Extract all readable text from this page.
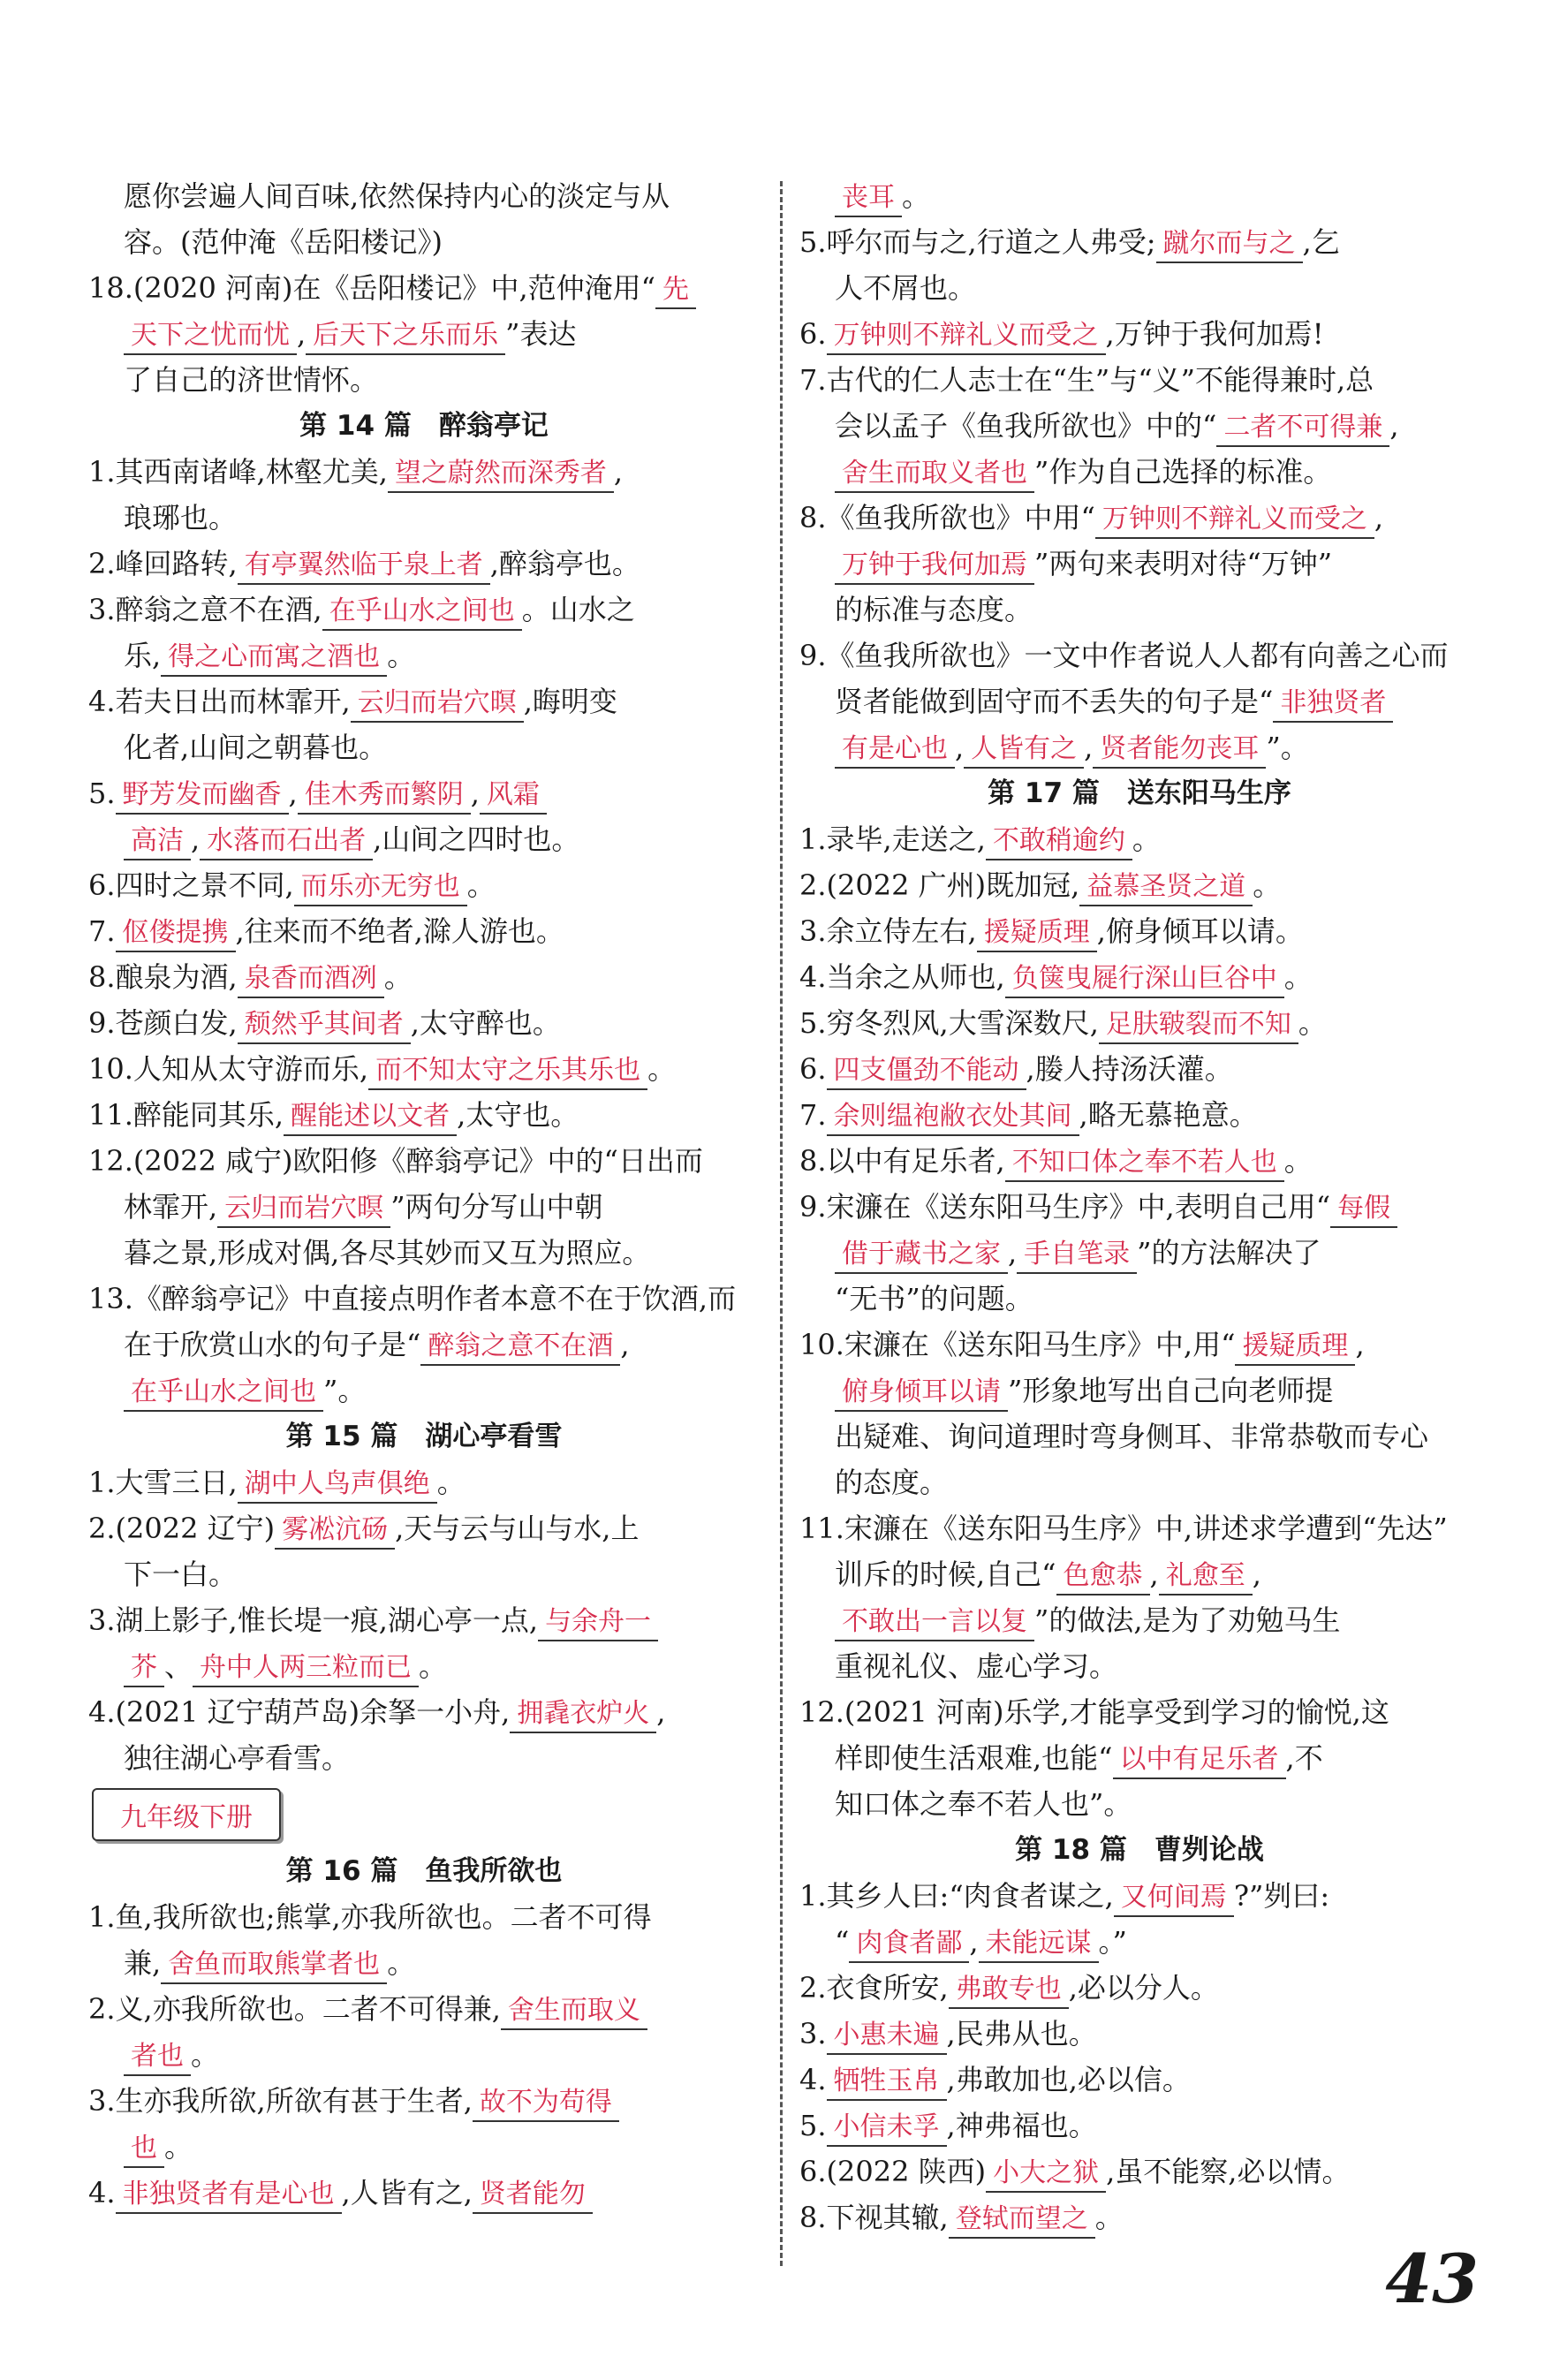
愿你尝遍人间百味,依然保持内心的淡定与从
容。(范仲淹《岳阳楼记》)
18.(2020 河南)在《岳阳楼记》中,范仲淹用“ 先
天下之忧而忧 , 后天下之乐而乐 ”表达
了自己的济世情怀。
第 14 篇　醉翁亭记
1.其西南诸峰,林壑尤美, 望之蔚然而深秀者 ,
琅琊也。
2.峰回路转, 有亭翼然临于泉上者 ,醉翁亭也。
3.醉翁之意不在酒, 在乎山水之间也 。山水之
乐, 得之心而寓之酒也 。
4.若夫日出而林霏开, 云归而岩穴暝 ,晦明变
化者,山间之朝暮也。
5. 野芳发而幽香 , 佳木秀而繁阴 , 风霜
高洁 , 水落而石出者 ,山间之四时也。
6.四时之景不同, 而乐亦无穷也 。
7. 伛偻提携 ,往来而不绝者,滁人游也。
8.酿泉为酒, 泉香而酒冽 。
9.苍颜白发, 颓然乎其间者 ,太守醉也。
10.人知从太守游而乐, 而不知太守之乐其乐也 。
11.醉能同其乐, 醒能述以文者 ,太守也。
12.(2022 咸宁)欧阳修《醉翁亭记》中的“日出而
林霏开, 云归而岩穴暝 ”两句分写山中朝
暮之景,形成对偶,各尽其妙而又互为照应。
13.《醉翁亭记》中直接点明作者本意不在于饮酒,而
在于欣赏山水的句子是“ 醉翁之意不在酒 ,
在乎山水之间也 ”。
第 15 篇　湖心亭看雪
1.大雪三日, 湖中人鸟声俱绝 。
2.(2022 辽宁) 雾凇沆砀 ,天与云与山与水,上
下一白。
3.湖上影子,惟长堤一痕,湖心亭一点, 与余舟一
芥 、 舟中人两三粒而已 。
4.(2021 辽宁葫芦岛)余拏一小舟, 拥毳衣炉火 ,
独往湖心亭看雪。
九年级下册
第 16 篇　鱼我所欲也
1.鱼,我所欲也;熊掌,亦我所欲也。二者不可得
兼, 舍鱼而取熊掌者也 。
2.义,亦我所欲也。二者不可得兼, 舍生而取义
者也 。
3.生亦我所欲,所欲有甚于生者, 故不为苟得
也 。
4. 非独贤者有是心也 ,人皆有之, 贤者能勿
丧耳 。
5.呼尔而与之,行道之人弗受; 蹴尔而与之 ,乞
人不屑也。
6. 万钟则不辩礼义而受之 ,万钟于我何加焉!
7.古代的仁人志士在“生”与“义”不能得兼时,总
会以孟子《鱼我所欲也》中的“ 二者不可得兼 ,
舍生而取义者也 ”作为自己选择的标准。
8.《鱼我所欲也》中用“ 万钟则不辩礼义而受之 ,
万钟于我何加焉 ”两句来表明对待“万钟”
的标准与态度。
9.《鱼我所欲也》一文中作者说人人都有向善之心而
贤者能做到固守而不丢失的句子是“ 非独贤者
有是心也 , 人皆有之 , 贤者能勿丧耳 ”。
第 17 篇　送东阳马生序
1.录毕,走送之, 不敢稍逾约 。
2.(2022 广州)既加冠, 益慕圣贤之道 。
3.余立侍左右, 援疑质理 ,俯身倾耳以请。
4.当余之从师也, 负箧曳屣行深山巨谷中 。
5.穷冬烈风,大雪深数尺, 足肤皲裂而不知 。
6. 四支僵劲不能动 ,媵人持汤沃灌。
7. 余则缊袍敝衣处其间 ,略无慕艳意。
8.以中有足乐者, 不知口体之奉不若人也 。
9.宋濂在《送东阳马生序》中,表明自己用“ 每假
借于藏书之家 , 手自笔录 ”的方法解决了
“无书”的问题。
10.宋濂在《送东阳马生序》中,用“ 援疑质理 ,
俯身倾耳以请 ”形象地写出自己向老师提
出疑难、询问道理时弯身侧耳、非常恭敬而专心
的态度。
11.宋濂在《送东阳马生序》中,讲述求学遭到“先达”
训斥的时候,自己“ 色愈恭 , 礼愈至 ,
不敢出一言以复 ”的做法,是为了劝勉马生
重视礼仪、虚心学习。
12.(2021 河南)乐学,才能享受到学习的愉悦,这
样即使生活艰难,也能“ 以中有足乐者 ,不
知口体之奉不若人也”。
第 18 篇　曹刿论战
1.其乡人曰:“肉食者谋之, 又何间焉 ?”刿曰:
“ 肉食者鄙 , 未能远谋 。”
2.衣食所安, 弗敢专也 ,必以分人。
3. 小惠未遍 ,民弗从也。
4. 牺牲玉帛 ,弗敢加也,必以信。
5. 小信未孚 ,神弗福也。
6.(2022 陕西) 小大之狱 ,虽不能察,必以情。
8.下视其辙, 登轼而望之 。
43
